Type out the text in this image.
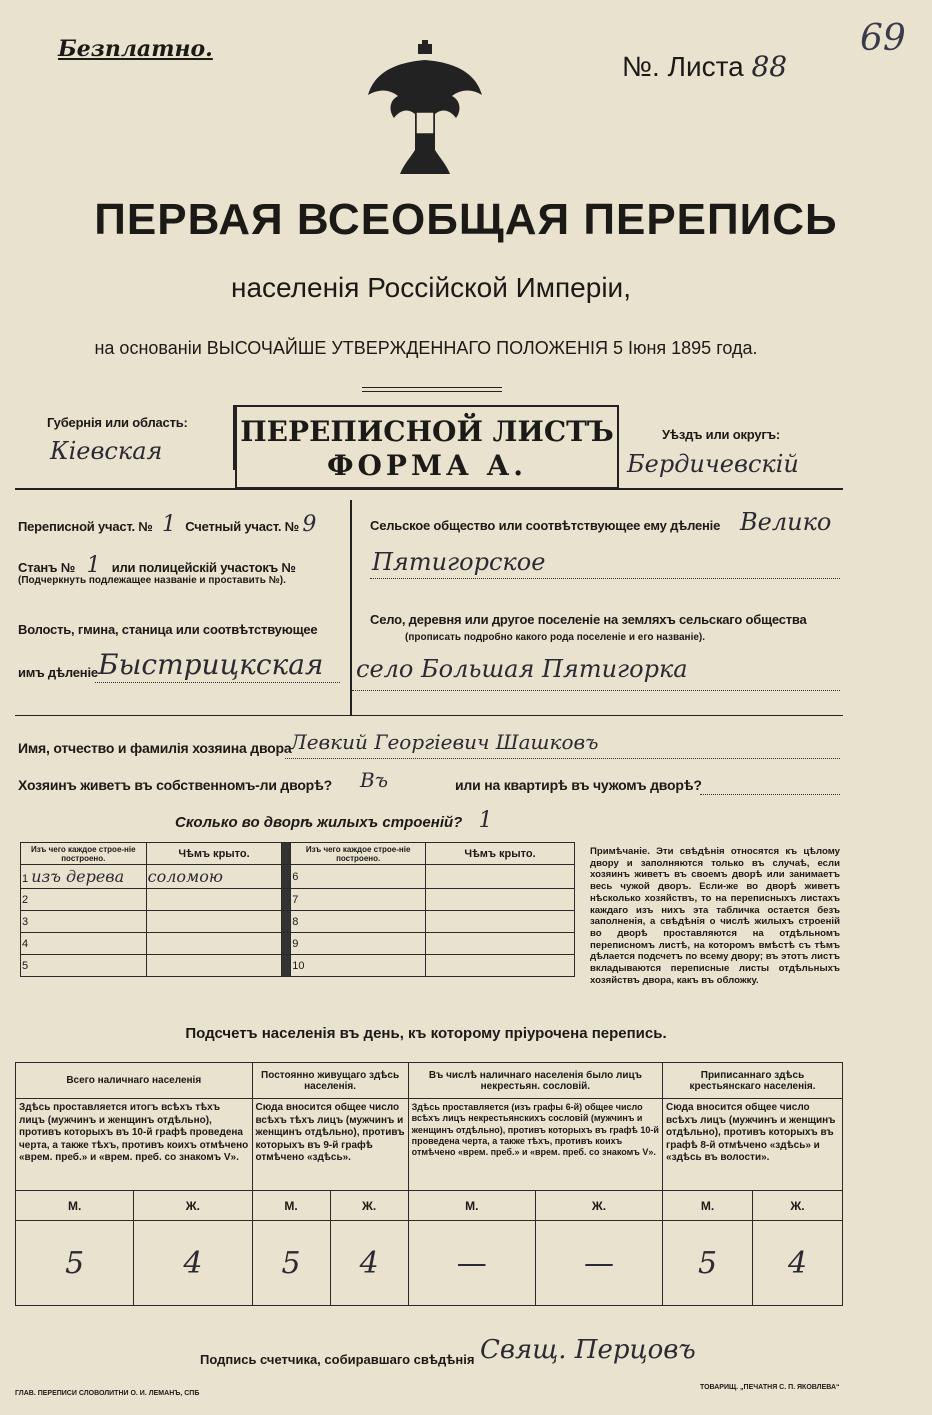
Безплатно.
№. Листа 88
69
ПЕРВАЯ ВСЕОБЩАЯ ПЕРЕПИСЬ
населенія Россійской Имперіи,
на основаніи ВЫСОЧАЙШЕ УТВЕРЖДЕННАГО ПОЛОЖЕНІЯ 5 Іюня 1895 года.
Губернія или область:
Кiевская
ПЕРЕПИСНОЙ ЛИСТЪ
ФОРМА А.
Уѣздъ или округъ:
Бердичевскiй
Переписной участ. № 1 Счетный участ. № 9
Станъ № 1 или полицейскій участокъ №
(Подчеркнуть подлежащее названіе и проставить №).
Волость, гмина, станица или соотвѣтствующее
имъ дѣленіе Быстрицкская
Сельское общество или соотвѣтствующее ему дѣленіе Велико
Пятигорское
Село, деревня или другое поселеніе на земляхъ сельскаго общества
(прописать подробно какого рода поселеніе и его названіе).
село Большая Пятигорка
Имя, отчество и фамилія хозяина двора
Левкий Георгiевич Шашковъ
Хозяинъ живетъ въ собственномъ-ли дворѣ? Въ	или на квартирѣ въ чужомъ дворѣ?
Сколько во дворѣ жилыхъ строеній? 1
Изъ чего каждое строе-ніе построено.	Чѣмъ крыто.		Изъ чего каждое строе-ніе построено.	Чѣмъ крыто.
1 изъ дерева	соломою		6	
2			7	
3			8	
4			9	
5			10	
Примѣчаніе. Эти свѣдѣнія относятся къ цѣлому двору и заполняются только въ случаѣ, если хозяинъ живетъ въ своемъ дворѣ или занимаетъ весь чужой дворъ. Если-же во дворѣ живетъ нѣсколько хозяйствъ, то на переписныхъ листахъ каждаго изъ нихъ эта табличка остается безъ заполненія, а свѣдѣнія о числѣ жилыхъ строеній во дворѣ проставляются на отдѣльномъ переписномъ листѣ, на которомъ вмѣстѣ съ тѣмъ дѣлается подсчетъ по всему двору; въ этотъ листъ вкладываются переписные листы отдѣльныхъ хозяйствъ двора, какъ въ обложку.
Подсчетъ населенія въ день, къ которому пріурочена перепись.
Всего наличнаго населенія		Постоянно живущаго здѣсь населенія.		Въ числѣ наличнаго населенія было лицъ некрестьян. сословій.		Приписаннаго здѣсь крестьянскаго населенія.	
Здѣсь проставляется итогъ всѣхъ тѣхъ лицъ (мужчинъ и женщинъ отдѣльно), противъ которыхъ въ 10-й графѣ проведена черта, а также тѣхъ, противъ коихъ отмѣчено «врем. преб.» и «врем. преб. со знакомъ V».		Сюда вносится общее число всѣхъ тѣхъ лицъ (мужчинъ и женщинъ отдѣльно), противъ которыхъ въ 9-й графѣ отмѣчено «здѣсь».		Здѣсь проставляется (изъ графы 6-й) общее число всѣхъ лицъ некрестьянскихъ сословій (мужчинъ и женщинъ отдѣльно), противъ которыхъ въ графѣ 10-й проведена черта, а также тѣхъ, противъ коихъ отмѣчено «врем. преб.» и «врем. преб. со знакомъ V».		Сюда вносится общее число всѣхъ лицъ (мужчинъ и женщинъ отдѣльно), противъ которыхъ въ графѣ 8-й отмѣчено «здѣсь» и «здѣсь въ волости».	
М.	Ж.	М.	Ж.	М.	Ж.	М.	Ж.
5	4	5	4	—	—	5	4
Подпись счетчика, собиравшаго свѣдѣнія Свящ. Перцовъ
ГЛАВ. ПЕРЕПИСИ СЛОВОЛИТНИ О. И. ЛЕМАНЪ, СПБ
ТОВАРИЩ. „ПЕЧАТНЯ С. П. ЯКОВЛЕВА“
